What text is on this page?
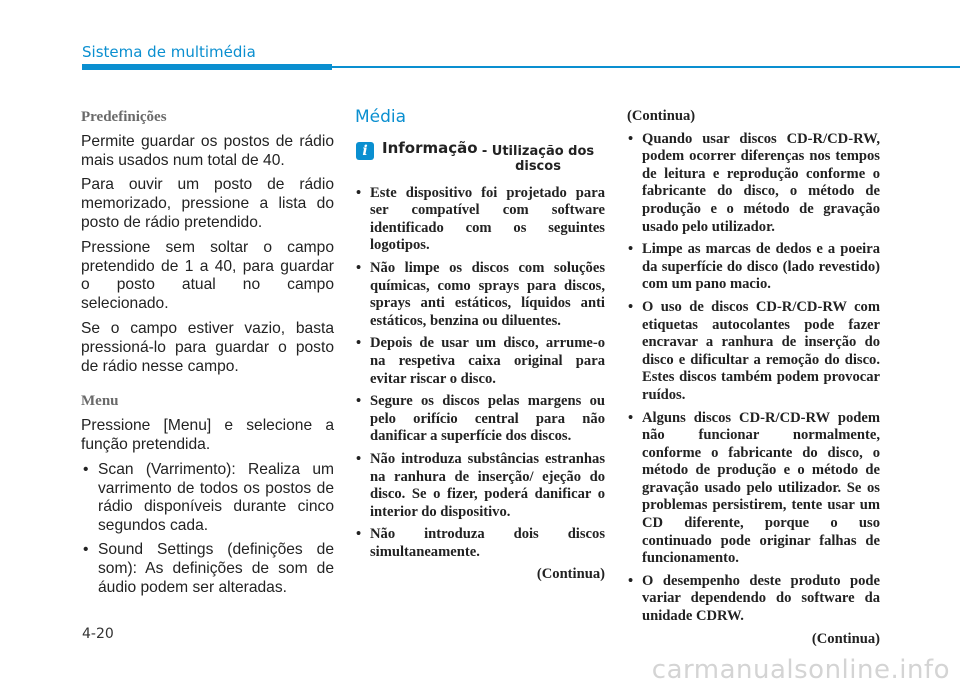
Sistema de multimédia
Predefinições

Permite guardar os postos de rádio mais usados num total de 40.

Para ouvir um posto de rádio memorizado, pressione a lista do posto de rádio pretendido.

Pressione sem soltar o campo pretendido de 1 a 40, para guardar o posto atual no campo selecionado.

Se o campo estiver vazio, basta pressioná-lo para guardar o posto de rádio nesse campo.

Menu

Pressione [Menu] e selecione a função pretendida.

• Scan (Varrimento): Realiza um varrimento de todos os postos de rádio disponíveis durante cinco segundos cada.
• Sound Settings (definições de som): As definições de som de áudio podem ser alteradas.
Média
i Informação - Utilização dos discos
• Este dispositivo foi projetado para ser compatível com software identificado com os seguintes logotipos.
• Não limpe os discos com soluções químicas, como sprays para discos, sprays anti estáticos, líquidos anti estáticos, benzina ou diluentes.
• Depois de usar um disco, arrume-o na respetiva caixa original para evitar riscar o disco.
• Segure os discos pelas margens ou pelo orifício central para não danificar a superfície dos discos.
• Não introduza substâncias estranhas na ranhura de inserção/ ejeção do disco. Se o fizer, poderá danificar o interior do dispositivo.
• Não introduza dois discos simultaneamente.
(Continua)
(Continua)
• Quando usar discos CD-R/CD-RW, podem ocorrer diferenças nos tempos de leitura e reprodução conforme o fabricante do disco, o método de produção e o método de gravação usado pelo utilizador.
• Limpe as marcas de dedos e a poeira da superfície do disco (lado revestido) com um pano macio.
• O uso de discos CD-R/CD-RW com etiquetas autocolantes pode fazer encravar a ranhura de inserção do disco e dificultar a remoção do disco. Estes discos também podem provocar ruídos.
• Alguns discos CD-R/CD-RW podem não funcionar normalmente, conforme o fabricante do disco, o método de produção e o método de gravação usado pelo utilizador. Se os problemas persistirem, tente usar um CD diferente, porque o uso continuado pode originar falhas de funcionamento.
• O desempenho deste produto pode variar dependendo do software da unidade CDRW.
(Continua)
4-20
carmanualsonline.info
